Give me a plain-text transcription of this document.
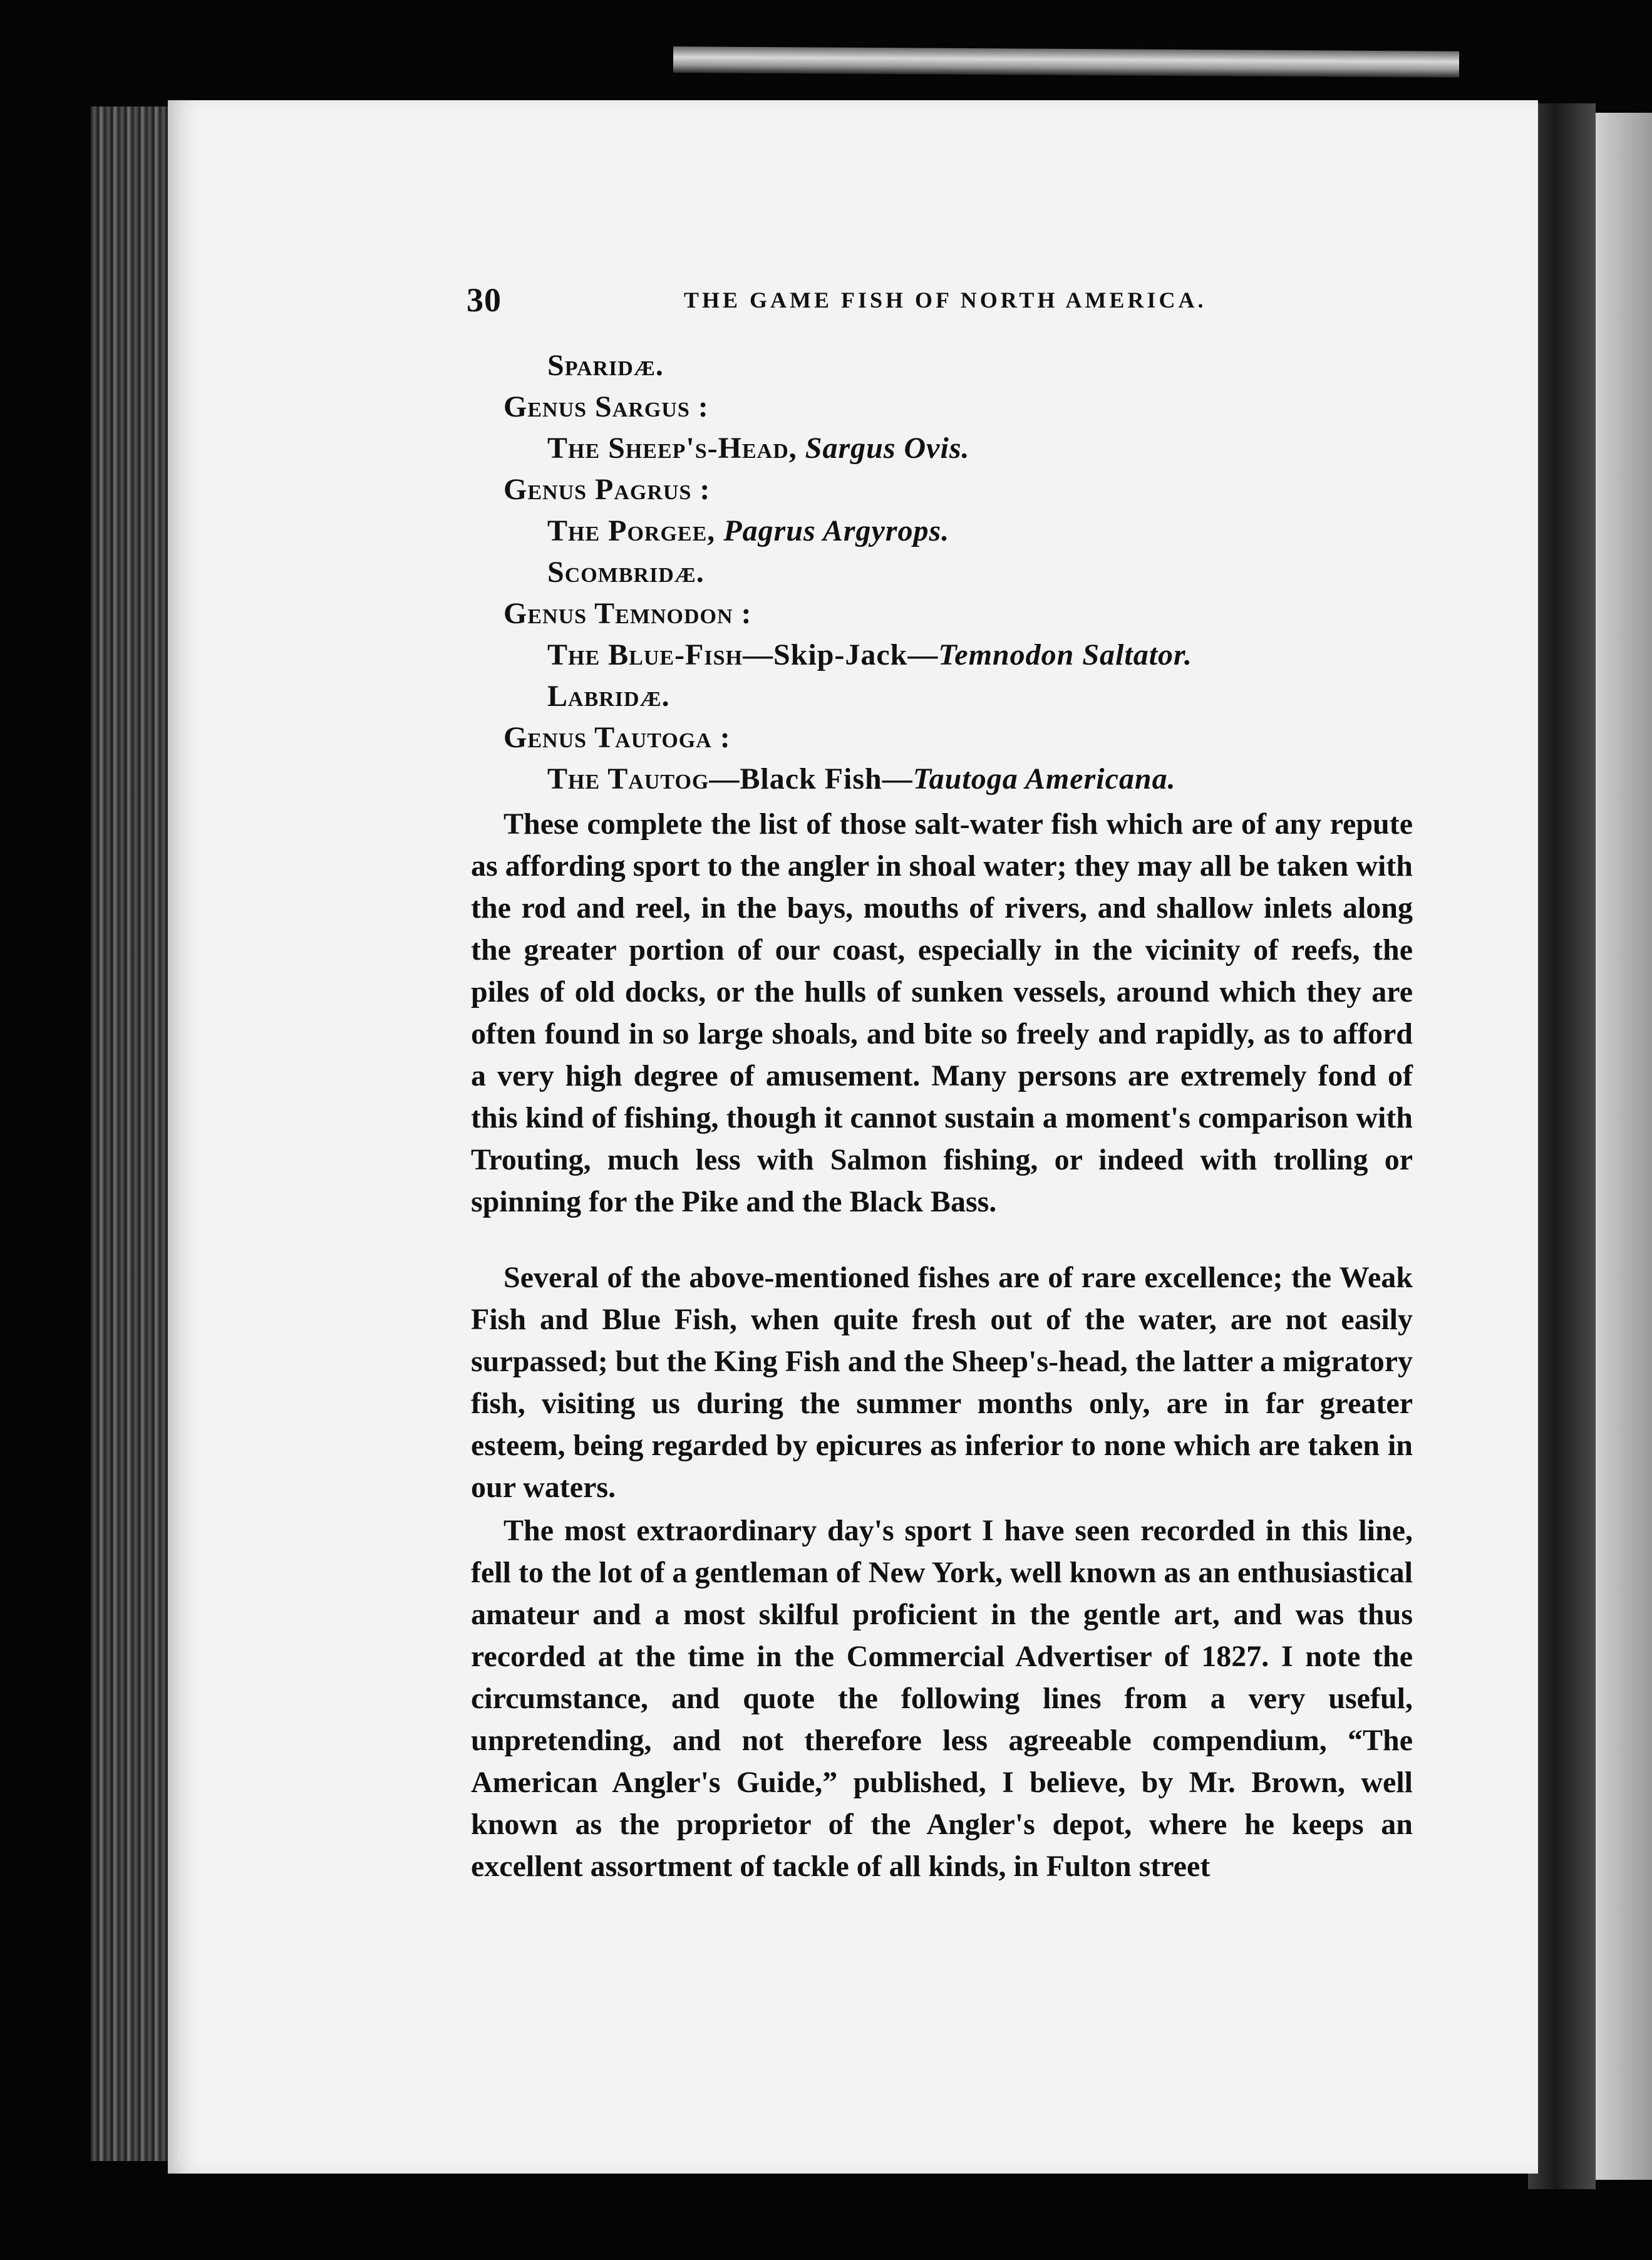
30	THE GAME FISH OF NORTH AMERICA.
Sparidæ.
Genus Sargus :
The Sheep's-Head, Sargus Ovis.
Genus Pagrus :
The Porgee, Pagrus Argyrops.
Scombridæ.
Genus Temnodon :
The Blue-Fish—Skip-Jack—Temnodon Saltator.
Labridæ.
Genus Tautoga :
The Tautog—Black Fish—Tautoga Americana.

These complete the list of those salt-water fish which are of any repute as affording sport to the angler in shoal water; they may all be taken with the rod and reel, in the bays, mouths of rivers, and shallow inlets along the greater portion of our coast, especially in the vicinity of reefs, the piles of old docks, or the hulls of sunken vessels, around which they are often found in so large shoals, and bite so freely and rapidly, as to afford a very high degree of amusement. Many persons are extremely fond of this kind of fishing, though it cannot sustain a moment's comparison with Trouting, much less with Salmon fishing, or indeed with trolling or spinning for the Pike and the Black Bass.

Several of the above-mentioned fishes are of rare excellence; the Weak Fish and Blue Fish, when quite fresh out of the water, are not easily surpassed; but the King Fish and the Sheep's-head, the latter a migratory fish, visiting us during the summer months only, are in far greater esteem, being regarded by epicures as inferior to none which are taken in our waters.

The most extraordinary day's sport I have seen recorded in this line, fell to the lot of a gentleman of New York, well known as an enthusiastical amateur and a most skilful proficient in the gentle art, and was thus recorded at the time in the Commercial Advertiser of 1827. I note the circumstance, and quote the following lines from a very useful, unpretending, and not therefore less agreeable compendium, “The American Angler's Guide,” published, I believe, by Mr. Brown, well known as the proprietor of the Angler's depot, where he keeps an excellent assortment of tackle of all kinds, in Fulton street
